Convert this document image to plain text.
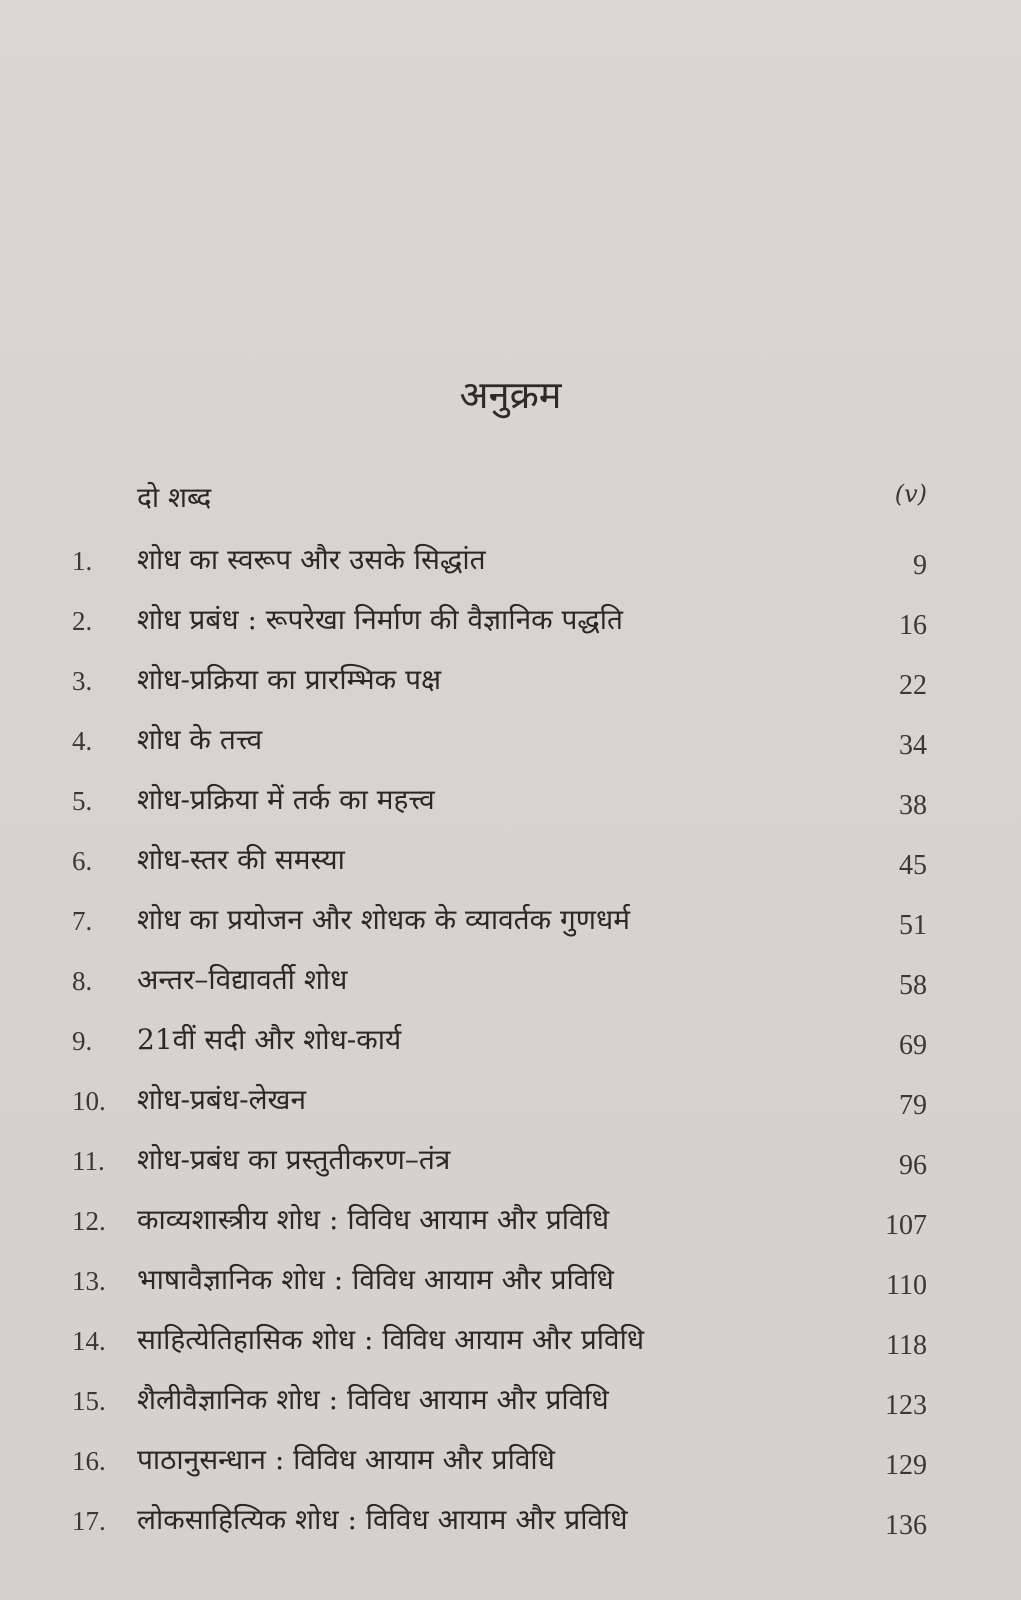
अनुक्रम
दो शब्द	(v)
1. शोध का स्वरूप और उसके सिद्धांत	9
2. शोध प्रबंध : रूपरेखा निर्माण की वैज्ञानिक पद्धति	16
3. शोध-प्रक्रिया का प्रारम्भिक पक्ष	22
4. शोध के तत्त्व	34
5. शोध-प्रक्रिया में तर्क का महत्त्व	38
6. शोध-स्तर की समस्या	45
7. शोध का प्रयोजन और शोधक के व्यावर्तक गुणधर्म	51
8. अन्तर–विद्यावर्ती शोध	58
9. 21वीं सदी और शोध-कार्य	69
10. शोध-प्रबंध-लेखन	79
11. शोध-प्रबंध का प्रस्तुतीकरण–तंत्र	96
12. काव्यशास्त्रीय शोध : विविध आयाम और प्रविधि	107
13. भाषावैज्ञानिक शोध : विविध आयाम और प्रविधि	110
14. साहित्येतिहासिक शोध : विविध आयाम और प्रविधि	118
15. शैलीवैज्ञानिक शोध : विविध आयाम और प्रविधि	123
16. पाठानुसन्धान : विविध आयाम और प्रविधि	129
17. लोकसाहित्यिक शोध : विविध आयाम और प्रविधि	136
